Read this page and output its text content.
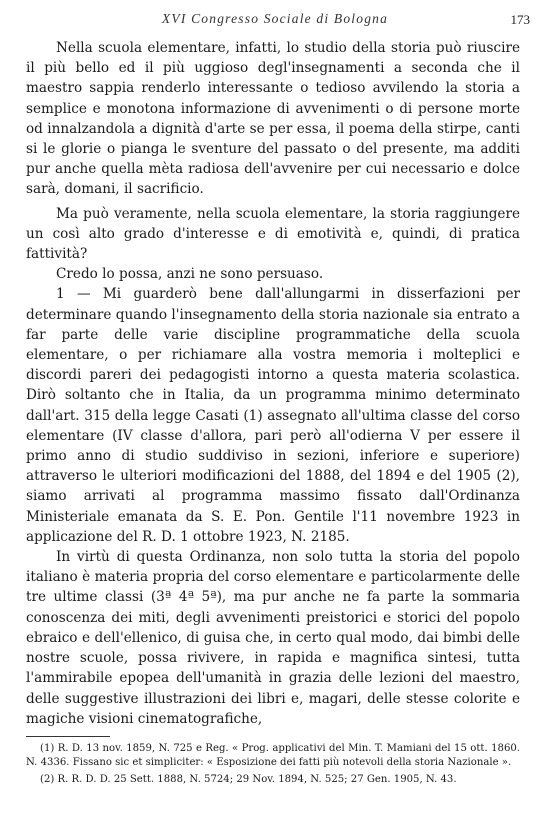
XVI Congresso Sociale di Bologna	173

Nella scuola elementare, infatti, lo studio della storia può riuscire il più bello ed il più uggioso degl'insegnamenti a seconda che il maestro sappia renderlo interessante o tedioso avvilendo la storia a semplice e monotona informazione di avvenimenti o di persone morte od innalzandola a dignità d'arte se per essa, il poema della stirpe, canti si le glorie o pianga le sventure del passato o del presente, ma additi pur anche quella mèta radiosa dell'avvenire per cui necessario e dolce sarà, domani, il sacrificio.

Ma può veramente, nella scuola elementare, la storia raggiungere un così alto grado d'interesse e di emotività e, quindi, di pratica fattività?

Credo lo possa, anzi ne sono persuaso.

1 — Mi guarderò bene dall'allungarmi in disserfazioni per determinare quando l'insegnamento della storia nazionale sia entrato a far parte delle varie discipline programmatiche della scuola elementare, o per richiamare alla vostra memoria i molteplici e discordi pareri dei pedagogisti intorno a questa materia scolastica. Dirò soltanto che in Italia, da un programma minimo determinato dall'art. 315 della legge Casati (1) assegnato all'ultima classe del corso elementare (IV classe d'allora, pari però all'odierna V per essere il primo anno di studio suddiviso in sezioni, inferiore e superiore) attraverso le ulteriori modificazioni del 1888, del 1894 e del 1905 (2), siamo arrivati al programma massimo fissato dall'Ordinanza Ministeriale emanata da S. E. Pon. Gentile l'11 novembre 1923 in applicazione del R. D. 1 ottobre 1923, N. 2185.

In virtù di questa Ordinanza, non solo tutta la storia del popolo italiano è materia propria del corso elementare e particolarmente delle tre ultime classi (3ª 4ª 5ª), ma pur anche ne fa parte la sommaria conoscenza dei miti, degli avvenimenti preistorici e storici del popolo ebraico e dell'ellenico, di guisa che, in certo qual modo, dai bimbi delle nostre scuole, possa rivivere, in rapida e magnifica sintesi, tutta l'ammirabile epopea dell'umanità in grazia delle lezioni del maestro, delle suggestive illustrazioni dei libri e, magari, delle stesse colorite e magiche visioni cinematografiche,

(1) R. D. 13 nov. 1859, N. 725 e Reg. « Prog. applicativi del Min. T. Mamiani del 15 ott. 1860. N. 4336. Fissano sic et simpliciter: « Esposizione dei fatti più notevoli della storia Nazionale ».

(2) R. R. D. D. 25 Sett. 1888, N. 5724; 29 Nov. 1894, N. 525; 27 Gen. 1905, N. 43.
